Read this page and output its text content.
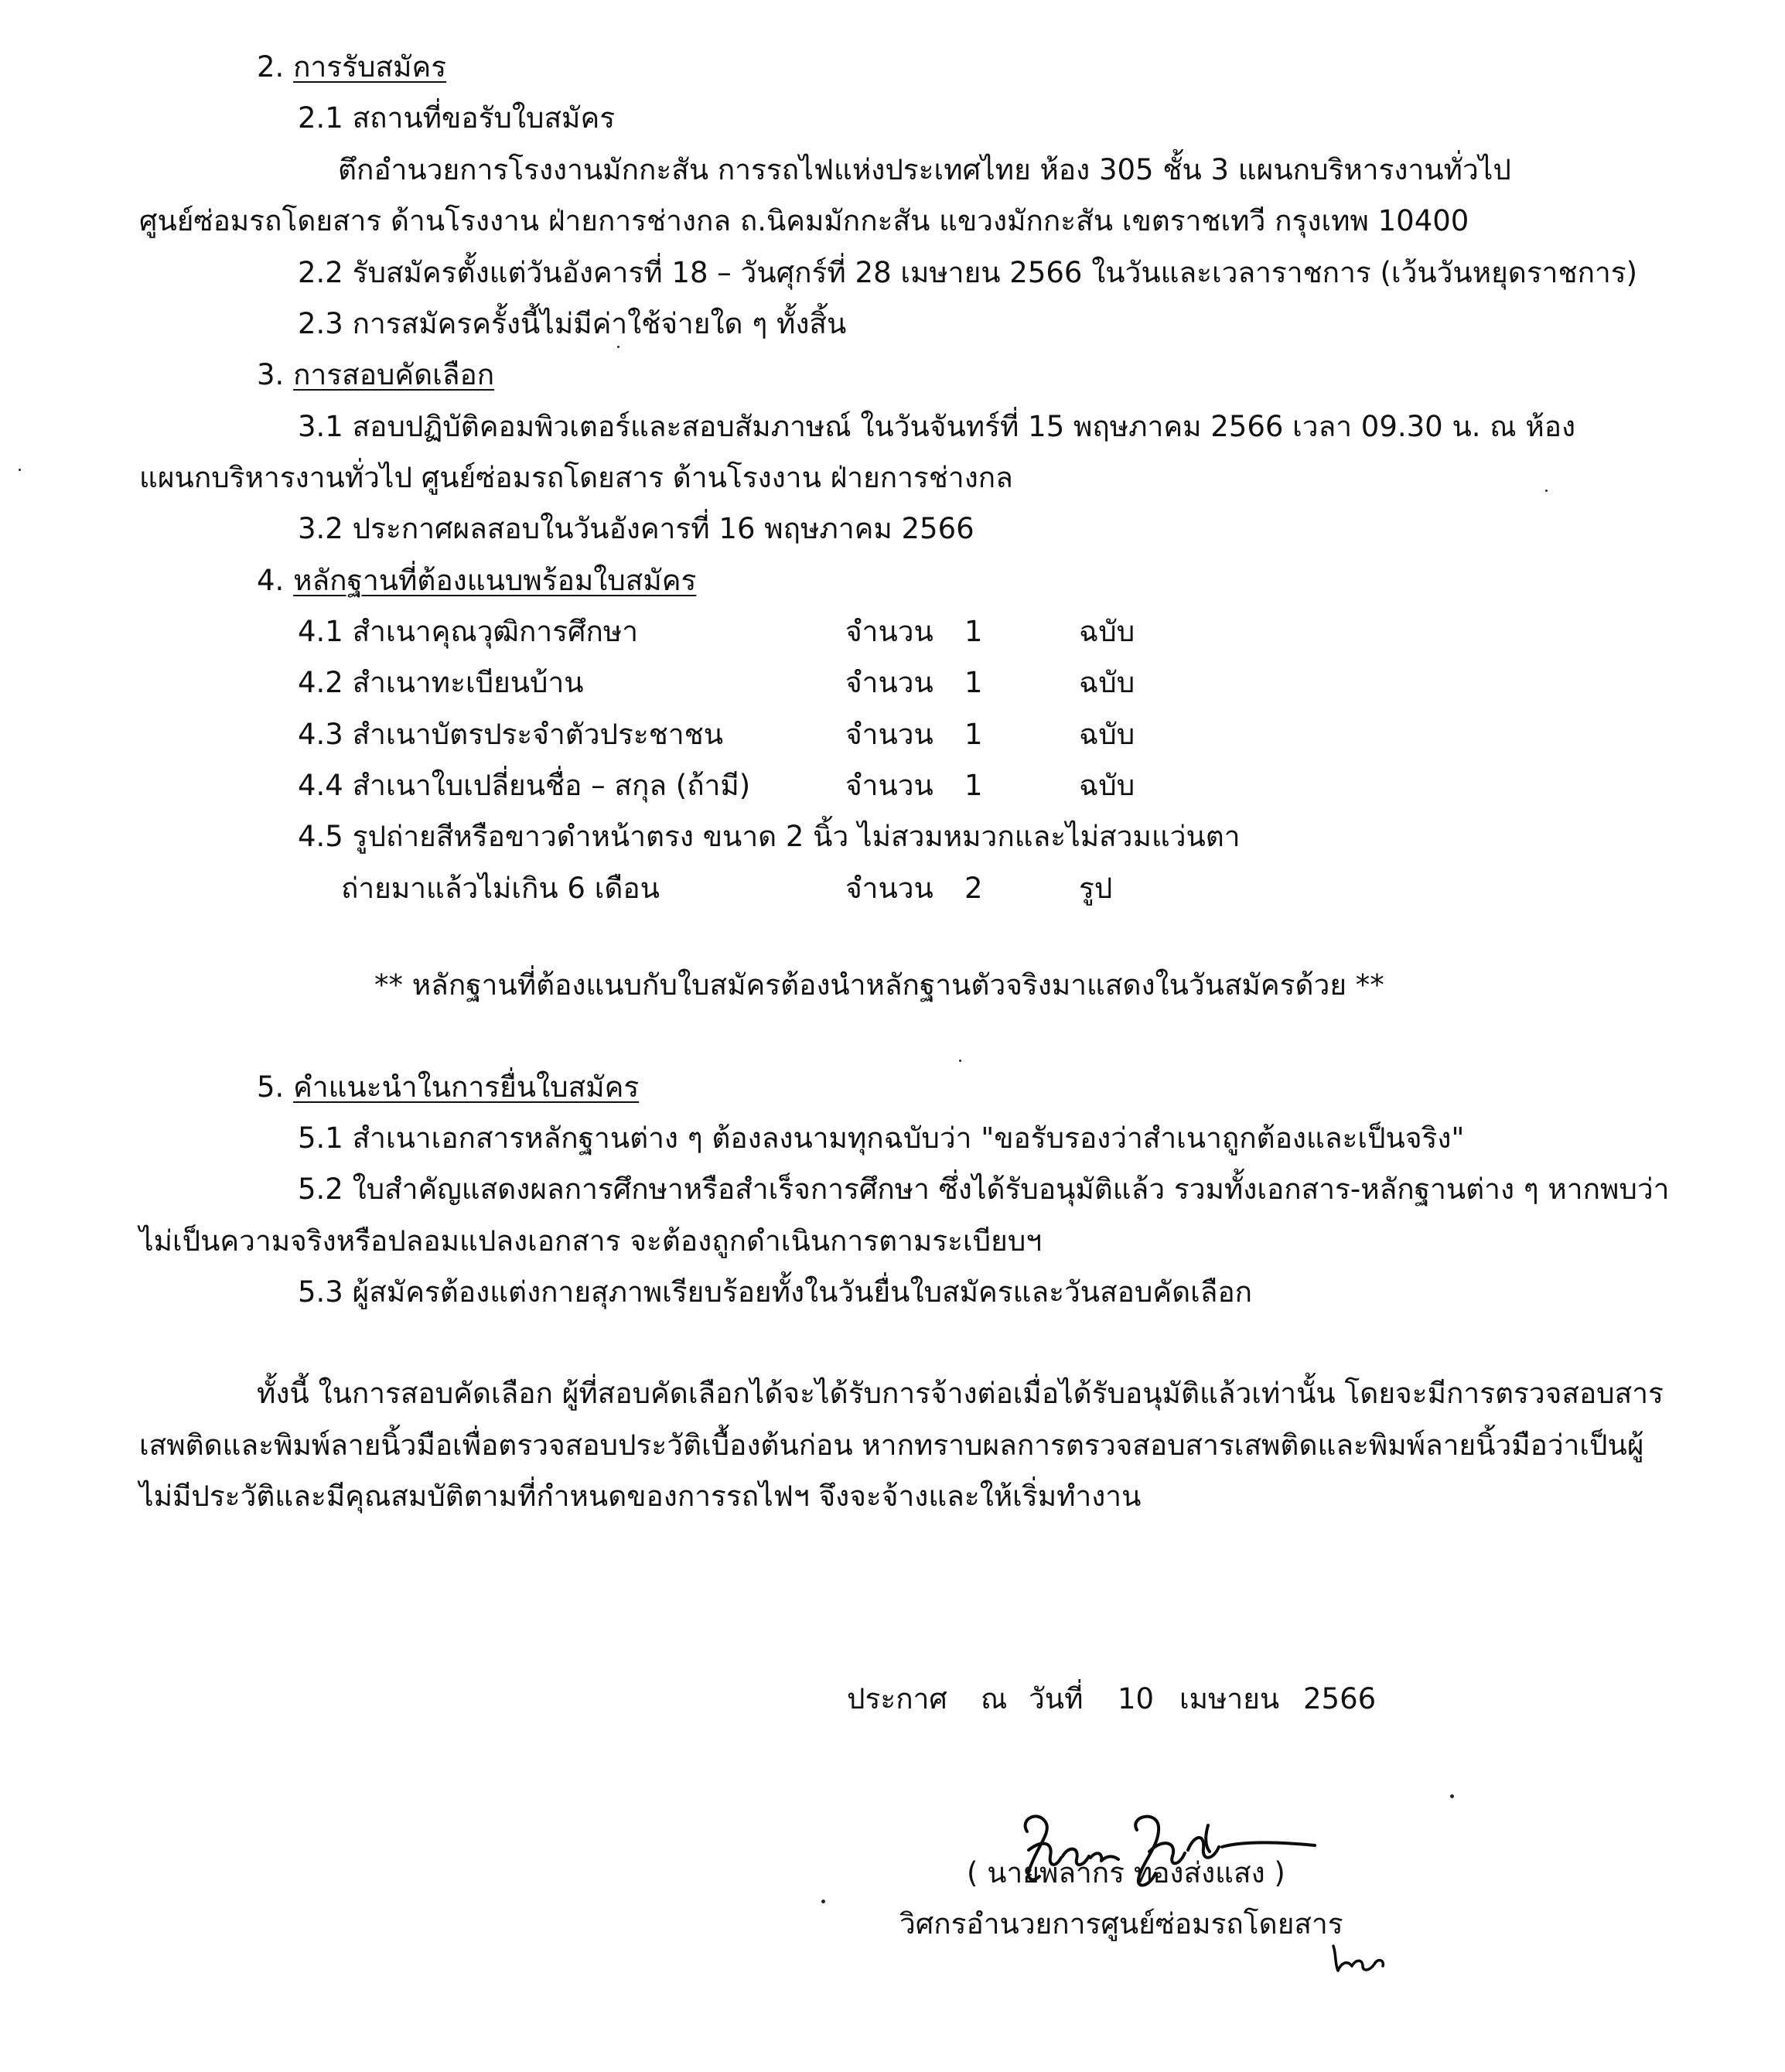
2. การรับสมัคร
2.1 สถานที่ขอรับใบสมัคร
ตึกอำนวยการโรงงานมักกะสัน การรถไฟแห่งประเทศไทย ห้อง 305 ชั้น 3 แผนกบริหารงานทั่วไป
ศูนย์ซ่อมรถโดยสาร ด้านโรงงาน ฝ่ายการช่างกล ถ.นิคมมักกะสัน แขวงมักกะสัน เขตราชเทวี กรุงเทพ 10400
2.2 รับสมัครตั้งแต่วันอังคารที่ 18 – วันศุกร์ที่ 28 เมษายน 2566 ในวันและเวลาราชการ (เว้นวันหยุดราชการ)
2.3 การสมัครครั้งนี้ไม่มีค่าใช้จ่ายใด ๆ ทั้งสิ้น
3. การสอบคัดเลือก
3.1 สอบปฏิบัติคอมพิวเตอร์และสอบสัมภาษณ์ ในวันจันทร์ที่ 15 พฤษภาคม 2566 เวลา 09.30 น. ณ ห้อง
แผนกบริหารงานทั่วไป ศูนย์ซ่อมรถโดยสาร ด้านโรงงาน ฝ่ายการช่างกล
3.2 ประกาศผลสอบในวันอังคารที่ 16 พฤษภาคม 2566
4. หลักฐานที่ต้องแนบพร้อมใบสมัคร
4.1 สำเนาคุณวุฒิการศึกษา	จำนวน 1	ฉบับ
4.2 สำเนาทะเบียนบ้าน	จำนวน 1	ฉบับ
4.3 สำเนาบัตรประจำตัวประชาชน	จำนวน 1	ฉบับ
4.4 สำเนาใบเปลี่ยนชื่อ – สกุล (ถ้ามี)	จำนวน 1	ฉบับ
4.5 รูปถ่ายสีหรือขาวดำหน้าตรง ขนาด 2 นิ้ว ไม่สวมหมวกและไม่สวมแว่นตา
ถ่ายมาแล้วไม่เกิน 6 เดือน	จำนวน 2	รูป
** หลักฐานที่ต้องแนบกับใบสมัครต้องนำหลักฐานตัวจริงมาแสดงในวันสมัครด้วย **
5. คำแนะนำในการยื่นใบสมัคร
5.1 สำเนาเอกสารหลักฐานต่าง ๆ ต้องลงนามทุกฉบับว่า "ขอรับรองว่าสำเนาถูกต้องและเป็นจริง"
5.2 ใบสำคัญแสดงผลการศึกษาหรือสำเร็จการศึกษา ซึ่งได้รับอนุมัติแล้ว รวมทั้งเอกสาร-หลักฐานต่าง ๆ หากพบว่า
ไม่เป็นความจริงหรือปลอมแปลงเอกสาร จะต้องถูกดำเนินการตามระเบียบฯ
5.3 ผู้สมัครต้องแต่งกายสุภาพเรียบร้อยทั้งในวันยื่นใบสมัครและวันสอบคัดเลือก
ทั้งนี้ ในการสอบคัดเลือก ผู้ที่สอบคัดเลือกได้จะได้รับการจ้างต่อเมื่อได้รับอนุมัติแล้วเท่านั้น โดยจะมีการตรวจสอบสาร
เสพติดและพิมพ์ลายนิ้วมือเพื่อตรวจสอบประวัติเบื้องต้นก่อน หากทราบผลการตรวจสอบสารเสพติดและพิมพ์ลายนิ้วมือว่าเป็นผู้
ไม่มีประวัติและมีคุณสมบัติตามที่กำหนดของการรถไฟฯ จึงจะจ้างและให้เริ่มทำงาน
ประกาศ ณ วันที่ 10 เมษายน 2566
( นายพลากร ทองส่งแสง )
วิศกรอำนวยการศูนย์ซ่อมรถโดยสาร
